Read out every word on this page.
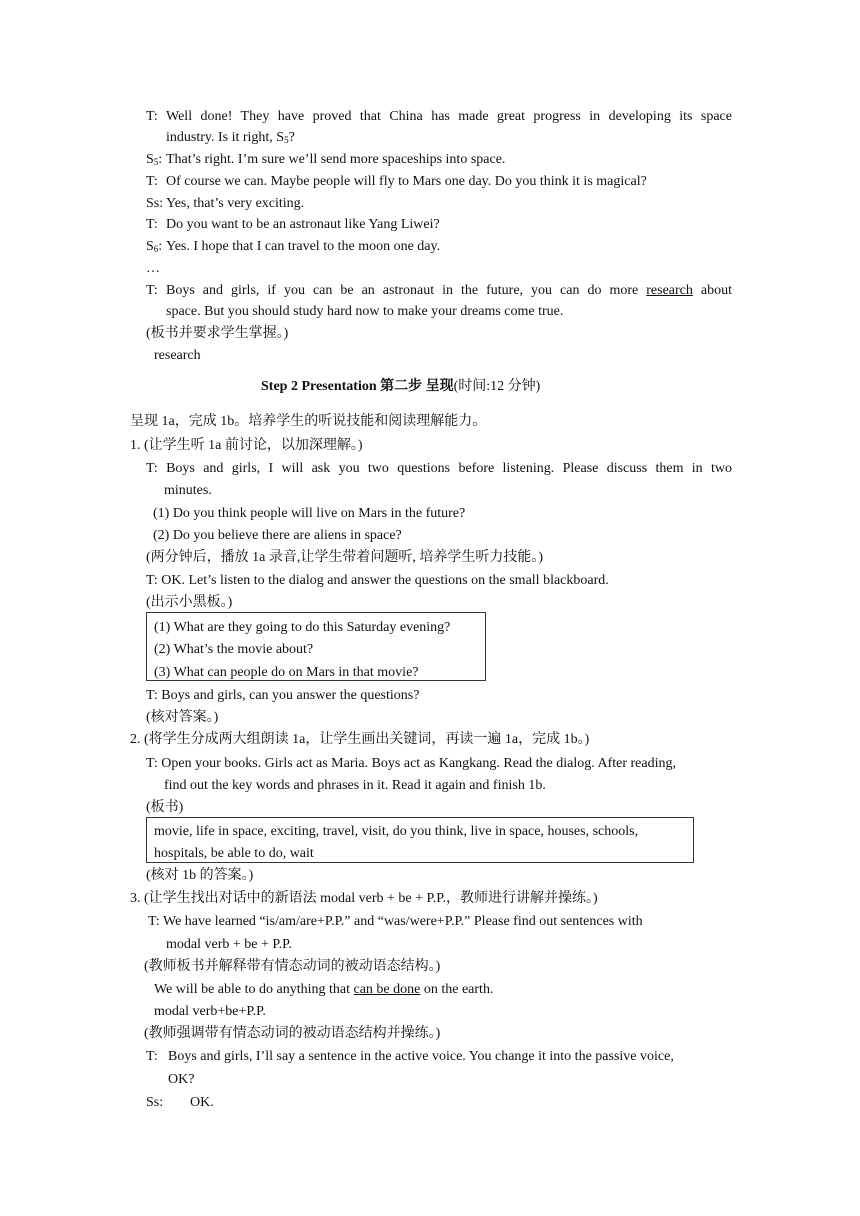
T: Well done! They have proved that China has made great progress in developing its space
industry. Is it right, $S_5$?
$S_5$: That’s right. I’m sure we’ll send more spaceships into space.
T: Of course we can. Maybe people will fly to Mars one day. Do you think it is magical?
Ss: Yes, that’s very exciting.
T: Do you want to be an astronaut like Yang Liwei?
$S_6$: Yes. I hope that I can travel to the moon one day.
…
T: Boys and girls, if you can be an astronaut in the future, you can do more research about
space. But you should study hard now to make your dreams come true.
(板书并要求学生掌握。)
research
Step 2 Presentation 第二步 呈现(时间:12 分钟)
呈现 1a，完成 1b。培养学生的听说技能和阅读理解能力。
1. (让学生听 1a 前讨论，以加深理解。)
T: Boys and girls, I will ask you two questions before listening. Please discuss them in two
minutes.
(1) Do you think people will live on Mars in the future?
(2) Do you believe there are aliens in space?
(两分钟后，播放 1a 录音,让学生带着问题听, 培养学生听力技能。)
T: OK. Let’s listen to the dialog and answer the questions on the small blackboard.
(出示小黑板。)
(1) What are they going to do this Saturday evening?
(2) What’s the movie about?
(3) What can people do on Mars in that movie?
T: Boys and girls, can you answer the questions?
(核对答案。)
2. (将学生分成两大组朗读 1a，让学生画出关键词，再读一遍 1a，完成 1b。)
T: Open your books. Girls act as Maria. Boys act as Kangkang. Read the dialog. After reading,
find out the key words and phrases in it. Read it again and finish 1b.
(板书)
movie, life in space, exciting, travel, visit, do you think, live in space, houses, schools,
hospitals, be able to do, wait
(核对 1b 的答案。)
3. (让学生找出对话中的新语法 modal verb + be + P.P.，教师进行讲解并操练。)
T: We have learned “is/am/are+P.P.” and “was/were+P.P.” Please find out sentences with
modal verb + be + P.P.
(教师板书并解释带有情态动词的被动语态结构。)
We will be able to do anything that can be done on the earth.
modal verb+be+P.P.
(教师强调带有情态动词的被动语态结构并操练。)
T: Boys and girls, I’ll say a sentence in the active voice. You change it into the passive voice,
OK?
Ss: OK.
